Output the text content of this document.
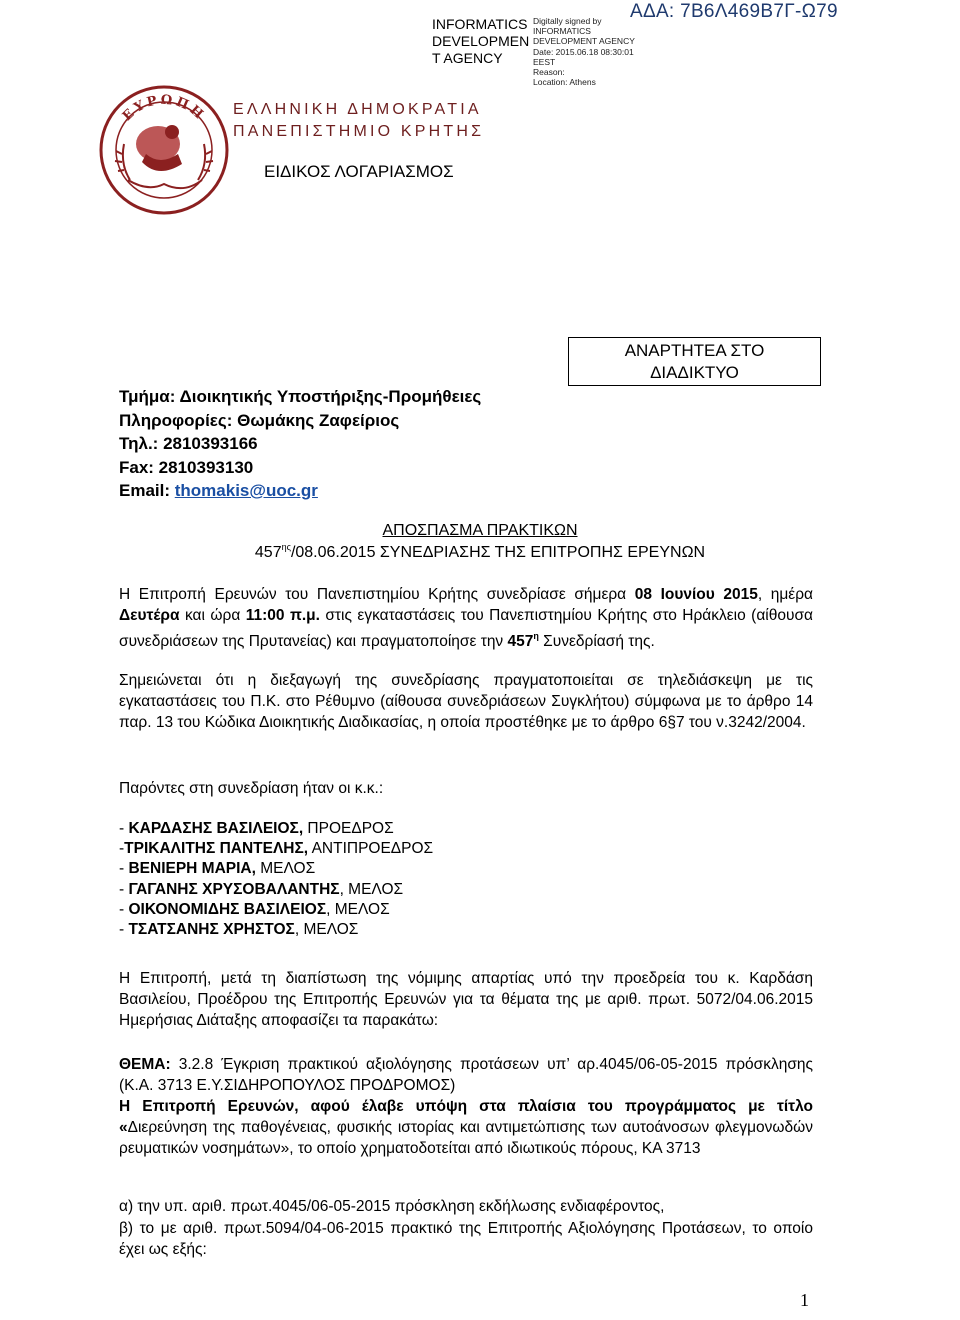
INFORMATICS
DEVELOPMEN
T AGENCY
Digitally signed by
INFORMATICS
DEVELOPMENT AGENCY
Date: 2015.06.18 08:30:01
EEST
Reason:
Location: Athens
ΑΔΑ: 7Β6Λ469Β7Γ-Ω79
ΕΥΡΩΠΗ ΕΛΛΗΝΙΚΗ ΔΗΜΟΚΡΑΤΙΑ
ΠΑΝΕΠΙΣΤΗΜΙΟ ΚΡΗΤΗΣ
ΕΙΔΙΚΟΣ ΛΟΓΑΡΙΑΣΜΟΣ
ΑΝΑΡΤΗΤΕΑ ΣΤΟ
ΔΙΑΔΙΚΤΥΟ
Τμήμα: Διοικητικής Υποστήριξης-Προμήθειες
Πληροφορίες: Θωμάκης Ζαφείριος
Τηλ.: 2810393166
Fax: 2810393130
Email: thomakis@uoc.gr
ΑΠΟΣΠΑΣΜΑ ΠΡΑΚΤΙΚΩΝ
$457^{\eta\varsigma}/08.06.2015$ ΣΥΝΕΔΡΙΑΣΗΣ ΤΗΣ ΕΠΙΤΡΟΠΗΣ ΕΡΕΥΝΩΝ

Η Επιτροπή Ερευνών του Πανεπιστημίου Κρήτης συνεδρίασε σήμερα 08 Ιουνίου 2015, ημέρα Δευτέρα και ώρα 11:00 π.μ. στις εγκαταστάσεις του Πανεπιστημίου Κρήτης στο Ηράκλειο (αίθουσα συνεδριάσεων της Πρυτανείας) και πραγματοποίησε την $457^\eta$ Συνεδρίασή της.

Σημειώνεται ότι η διεξαγωγή της συνεδρίασης πραγματοποιείται σε τηλεδιάσκεψη με τις εγκαταστάσεις του Π.Κ. στο Ρέθυμνο (αίθουσα συνεδριάσεων Συγκλήτου) σύμφωνα με το άρθρο 14 παρ. 13 του Κώδικα Διοικητικής Διαδικασίας, η οποία προστέθηκε με το άρθρο 6§7 του ν.3242/2004.

Παρόντες στη συνεδρίαση ήταν οι κ.κ.:
- ΚΑΡΔΑΣΗΣ ΒΑΣΙΛΕΙΟΣ, ΠΡΟΕΔΡΟΣ
-ΤΡΙΚΑΛΙΤΗΣ ΠΑΝΤΕΛΗΣ, ΑΝΤΙΠΡΟΕΔΡΟΣ
- ΒΕΝΙΕΡΗ ΜΑΡΙΑ, ΜΕΛΟΣ
- ΓΑΓΑΝΗΣ ΧΡΥΣΟΒΑΛΑΝΤΗΣ, ΜΕΛΟΣ
- ΟΙΚΟΝΟΜΙΔΗΣ ΒΑΣΙΛΕΙΟΣ, ΜΕΛΟΣ
- ΤΣΑΤΣΑΝΗΣ ΧΡΗΣΤΟΣ, ΜΕΛΟΣ
Η Επιτροπή, μετά τη διαπίστωση της νόμιμης απαρτίας υπό την προεδρεία του κ. Καρδάση Βασιλείου, Προέδρου της Επιτροπής Ερευνών για τα θέματα της με αριθ. πρωτ. 5072/04.06.2015 Ημερήσιας Διάταξης αποφασίζει τα παρακάτω:

ΘΕΜΑ: 3.2.8 Έγκριση πρακτικού αξιολόγησης προτάσεων υπ’ αρ.4045/06-05-2015 πρόσκλησης (Κ.Α. 3713 Ε.Υ.ΣΙΔΗΡΟΠΟΥΛΟΣ ΠΡΟΔΡΟΜΟΣ)

Η Επιτροπή Ερευνών, αφού έλαβε υπόψη στα πλαίσια του προγράμματος με τίτλο «Διερεύνηση της παθογένειας, φυσικής ιστορίας και αντιμετώπισης των αυτοάνοσων φλεγμονωδών ρευματικών νοσημάτων», το οποίο χρηματοδοτείται από ιδιωτικούς πόρους, ΚΑ 3713

α) την υπ. αριθ. πρωτ.4045/06-05-2015 πρόσκληση εκδήλωσης ενδιαφέροντος,
β) το με αριθ. πρωτ.5094/04-06-2015 πρακτικό της Επιτροπής Αξιολόγησης Προτάσεων, το οποίο έχει ως εξής:
1
